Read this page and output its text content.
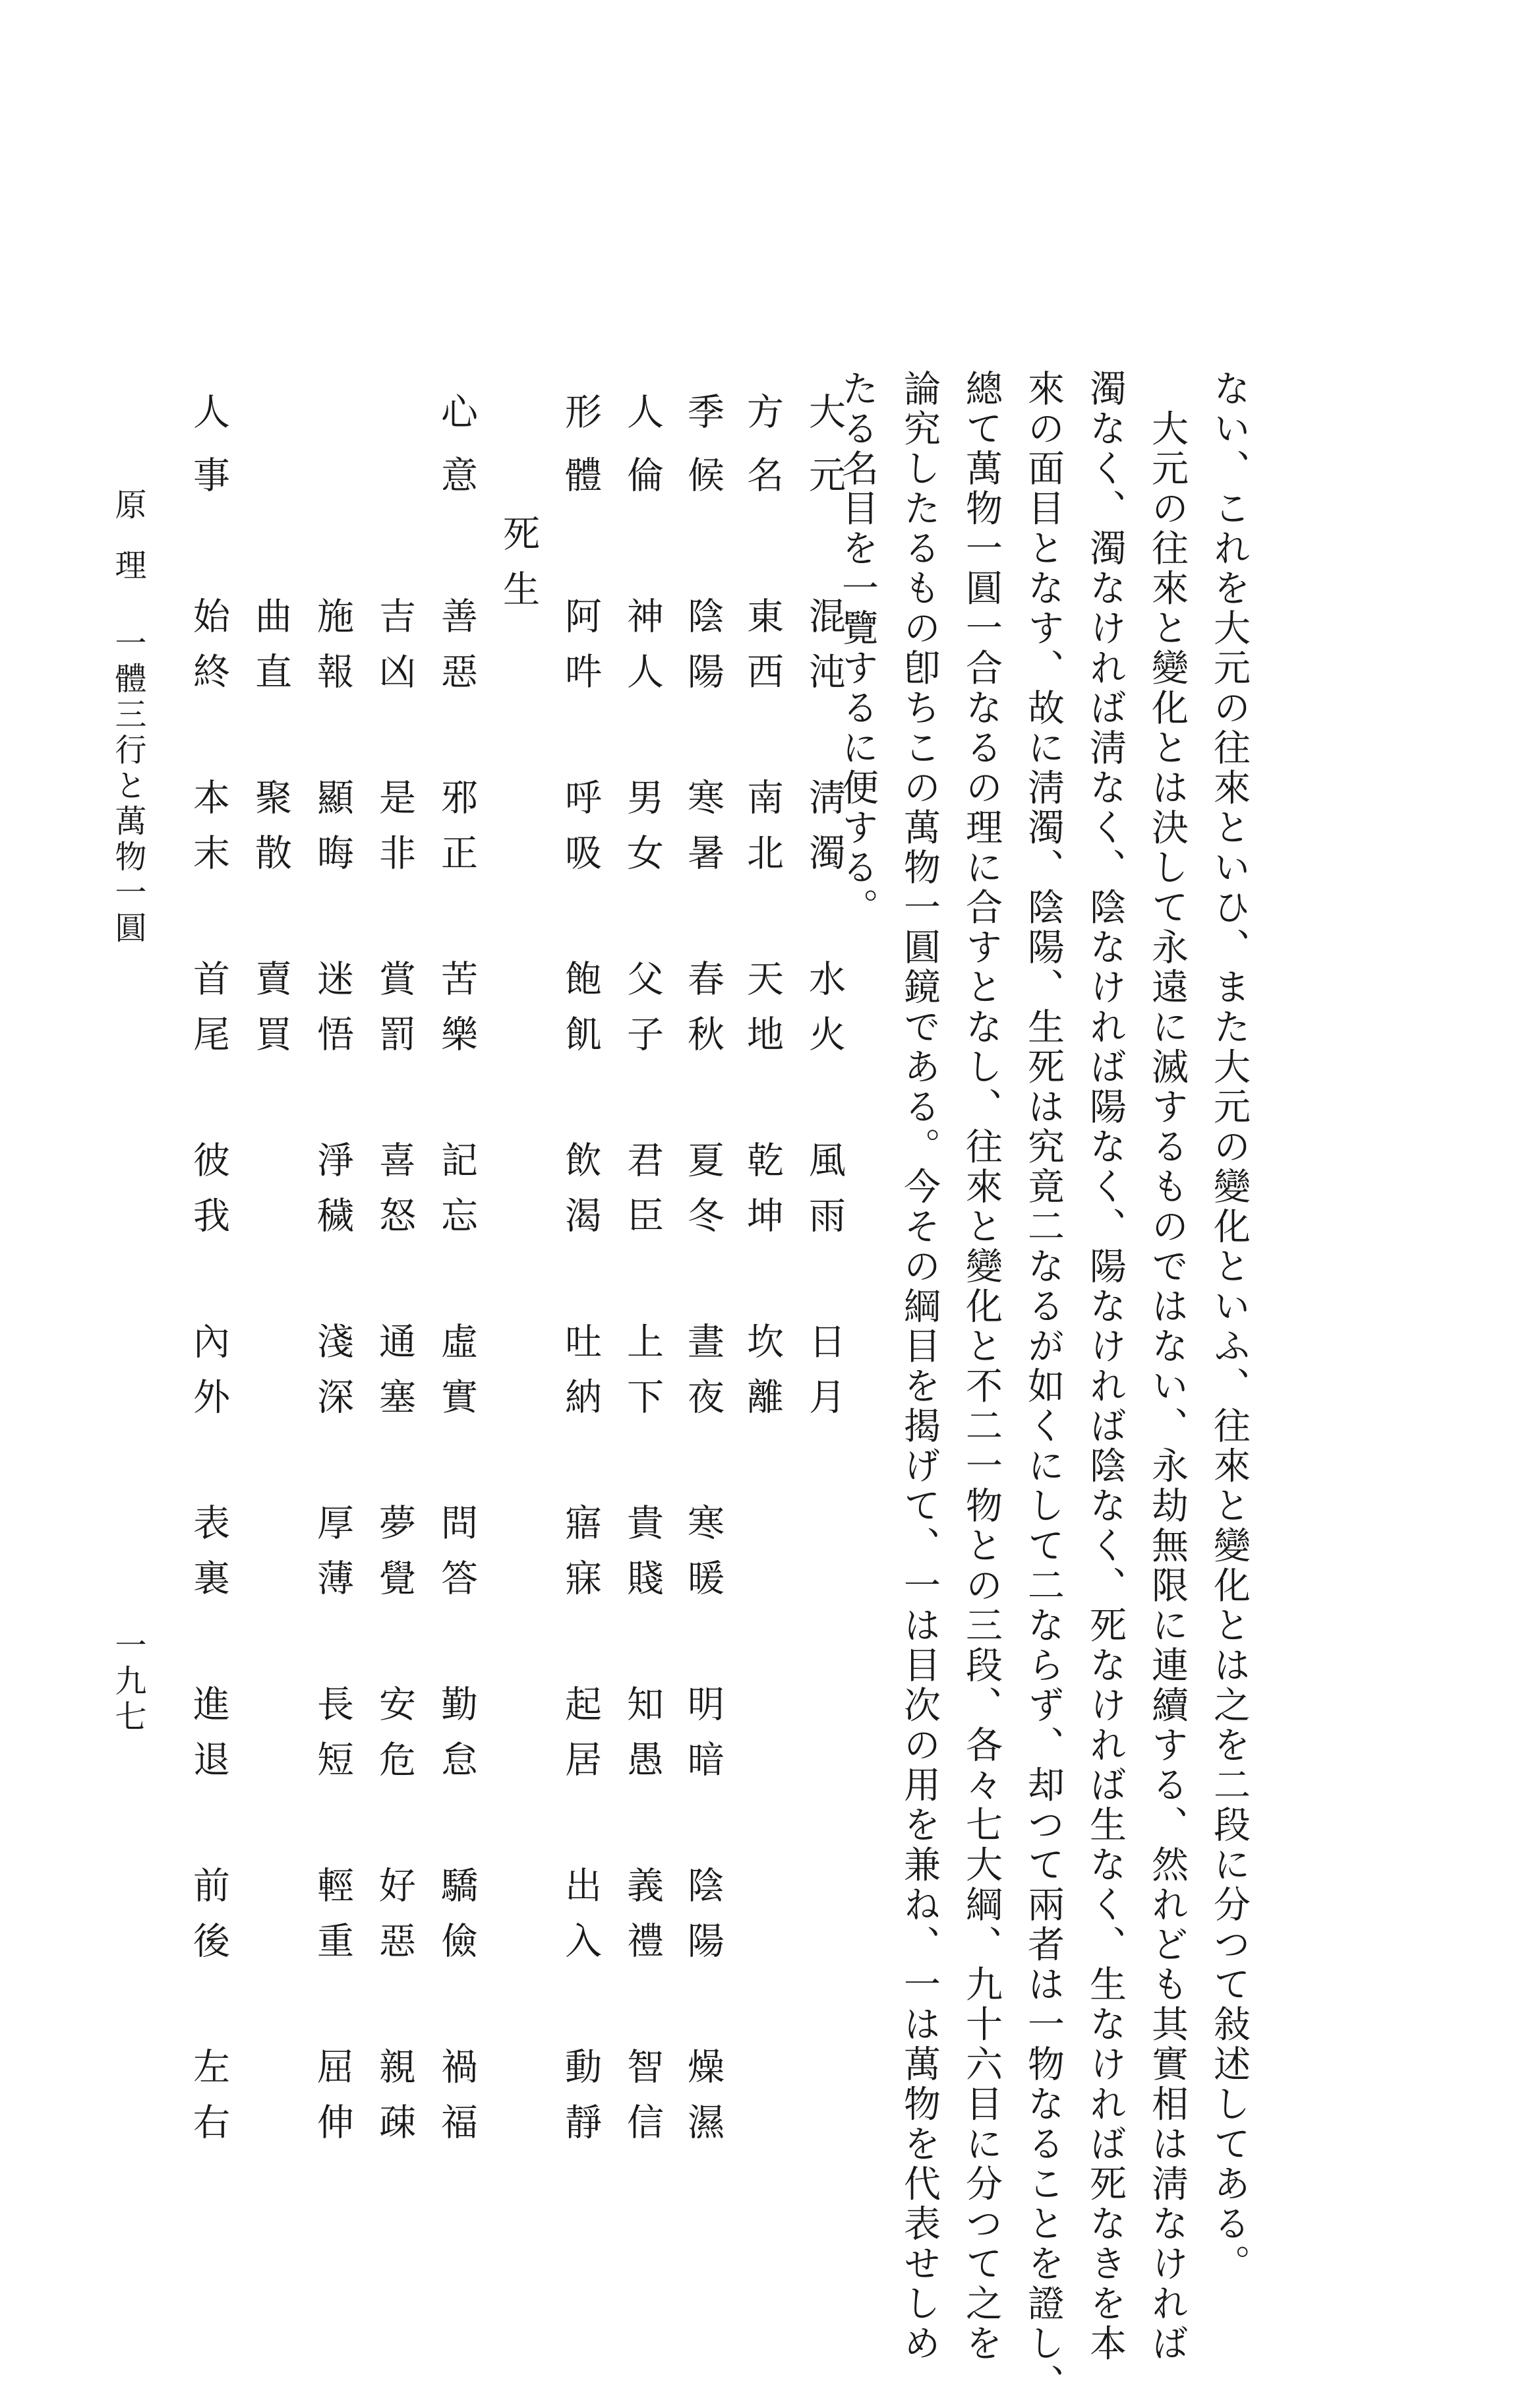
ない、これを大元の往來といひ、また大元の變化といふ、往來と變化とは之を二段に分つて敍述してある。

　大元の往來と變化とは決して永遠に滅するものではない、永劫無限に連續する、然れども其實相は淸なければ

濁なく、濁なければ淸なく、陰なければ陽なく、陽なければ陰なく、死なければ生なく、生なければ死なきを本

來の面目となす、故に淸濁、陰陽、生死は究竟二なるが如くにして二ならず、却つて兩者は一物なることを證し、

總て萬物一圓一合なるの理に合すとなし、往來と變化と不二一物との三段、各々七大綱、九十六目に分つて之を

論究したるもの卽ちこの萬物一圓鏡である。今その綱目を揭げて、一は目次の用を兼ね、一は萬物を代表せしめ

たる名目を一覽するに便する。

大元
混沌
淸濁
水火
風雨
日月
方名
東西
南北
天地
乾坤
坎離
季候
陰陽
寒暑
春秋
夏冬
晝夜
寒暖
明暗
陰陽
燥濕
人倫
神人
男女
父子
君臣
上下
貴賤
知愚
義禮
智信
形體
阿吽
呼吸
飽飢
飲渴
吐納
寤寐
起居
出入
動靜
死生
心意
善惡
邪正
苦樂
記忘
虛實
問答
勤怠
驕儉
禍福
吉凶
是非
賞罰
喜怒
通塞
夢覺
安危
好惡
親疎
施報
顯晦
迷悟
淨穢
淺深
厚薄
長短
輕重
屈伸
曲直
聚散
賣買
人事
始終
本末
首尾
彼我
內外
表裏
進退
前後
左右
原理
一體三行と萬物一圓
一九七
